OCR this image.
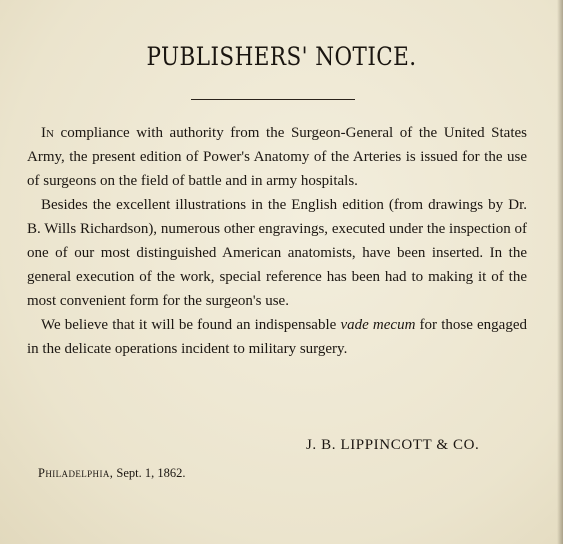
PUBLISHERS' NOTICE.

In compliance with authority from the Surgeon-General of the United States Army, the present edition of Power's Anatomy of the Arteries is issued for the use of surgeons on the field of battle and in army hospitals.

Besides the excellent illustrations in the English edition (from drawings by Dr. B. Wills Richardson), numerous other engravings, executed under the inspection of one of our most distinguished American anatomists, have been inserted. In the general execution of the work, special reference has been had to making it of the most convenient form for the surgeon's use.

We believe that it will be found an indispensable vade mecum for those engaged in the delicate operations incident to military surgery.

J. B. LIPPINCOTT & CO.
Philadelphia, Sept. 1, 1862.
